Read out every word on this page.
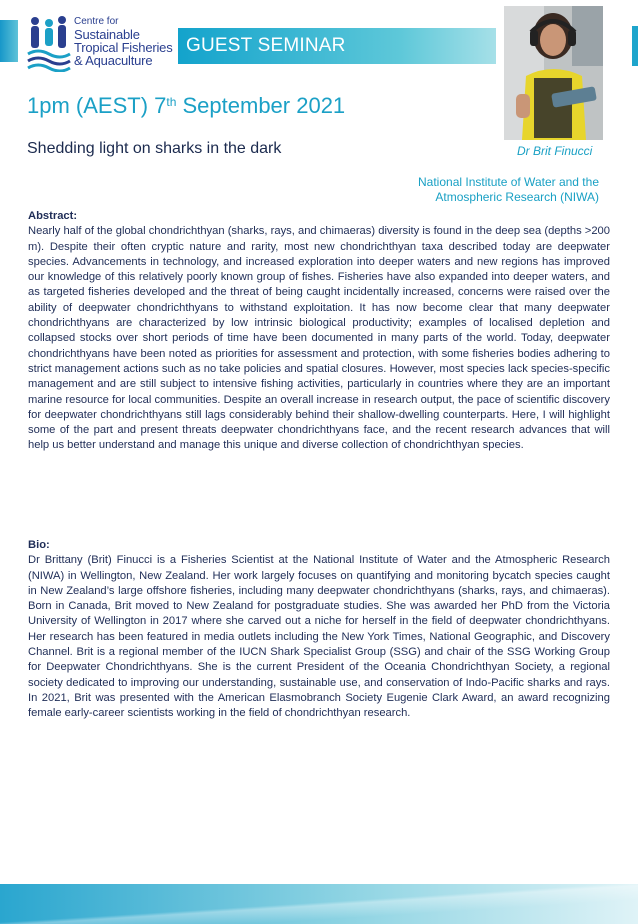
Centre for
Sustainable
Tropical Fisheries
& Aquaculture
GUEST SEMINAR
1pm (AEST) 7th September 2021
Shedding light on sharks in the dark	Dr Brit Finucci
National Institute of Water and the
Atmospheric Research (NIWA)
Abstract:
Nearly half of the global chondrichthyan (sharks, rays, and chimaeras) diversity is found in the deep sea (depths >200 m). Despite their often cryptic nature and rarity, most new chondrichthyan taxa described today are deepwater species. Advancements in technology, and increased exploration into deeper waters and new regions has improved our knowledge of this relatively poorly known group of fishes. Fisheries have also expanded into deeper waters, and as targeted fisheries developed and the threat of being caught incidentally increased, concerns were raised over the ability of deepwater chondrichthyans to withstand exploitation. It has now become clear that many deepwater chondrichthyans are characterized by low intrinsic biological productivity; examples of localised depletion and collapsed stocks over short periods of time have been documented in many parts of the world. Today, deepwater chondrichthyans have been noted as priorities for assessment and protection, with some fisheries bodies adhering to strict management actions such as no take policies and spatial closures. However, most species lack species-specific management and are still subject to intensive fishing activities, particularly in countries where they are an important marine resource for local communities. Despite an overall increase in research output, the pace of scientific discovery for deepwater chondrichthyans still lags considerably behind their shallow-dwelling counterparts. Here, I will highlight some of the part and present threats deepwater chondrichthyans face, and the recent research advances that will help us better understand and manage this unique and diverse collection of chondrichthyan species.
Bio:
Dr Brittany (Brit) Finucci is a Fisheries Scientist at the National Institute of Water and the Atmospheric Research (NIWA) in Wellington, New Zealand. Her work largely focuses on quantifying and monitoring bycatch species caught in New Zealand’s large offshore fisheries, including many deepwater chondrichthyans (sharks, rays, and chimaeras). Born in Canada, Brit moved to New Zealand for postgraduate studies. She was awarded her PhD from the Victoria University of Wellington in 2017 where she carved out a niche for herself in the field of deepwater chondrichthyans. Her research has been featured in media outlets including the New York Times, National Geographic, and Discovery Channel. Brit is a regional member of the IUCN Shark Specialist Group (SSG) and chair of the SSG Working Group for Deepwater Chondrichthyans. She is the current President of the Oceania Chondrichthyan Society, a regional society dedicated to improving our understanding, sustainable use, and conservation of Indo-Pacific sharks and rays. In 2021, Brit was presented with the American Elasmobranch Society Eugenie Clark Award, an award recognizing female early-career scientists working in the field of chondrichthyan research.
